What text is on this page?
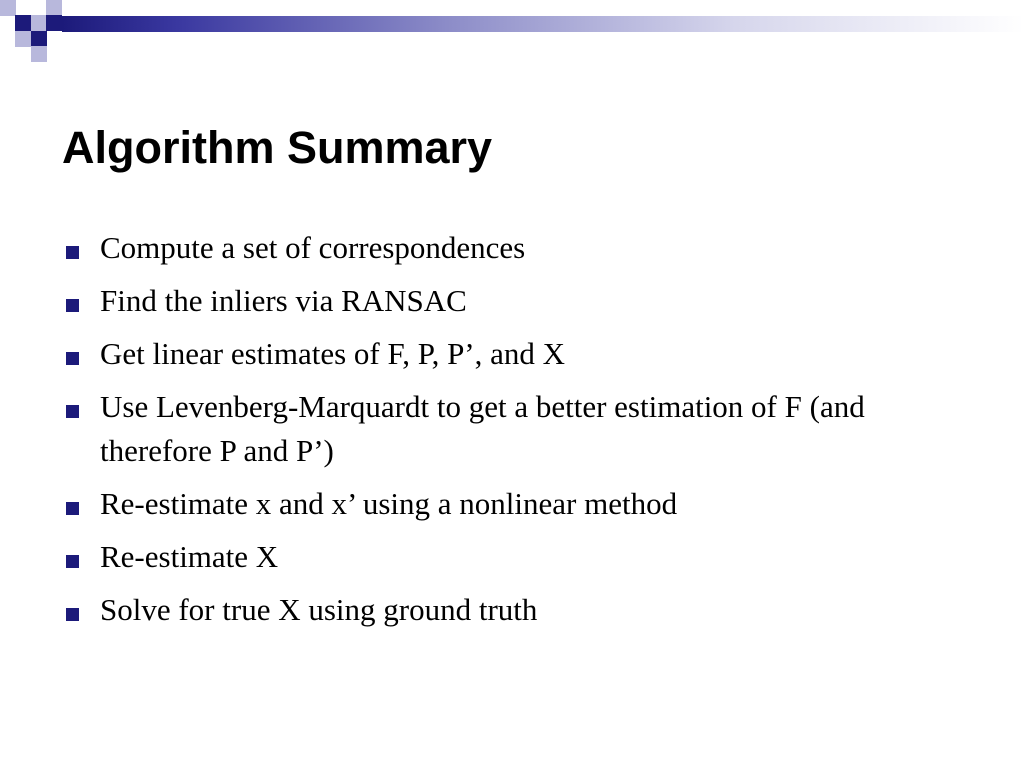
Algorithm Summary
Compute a set of correspondences
Find the inliers via RANSAC
Get linear estimates of F, P, P’, and X
Use Levenberg-Marquardt to get a better estimation of F (and therefore P and P’)
Re-estimate x and x’ using a nonlinear method
Re-estimate X
Solve for true X using ground truth
